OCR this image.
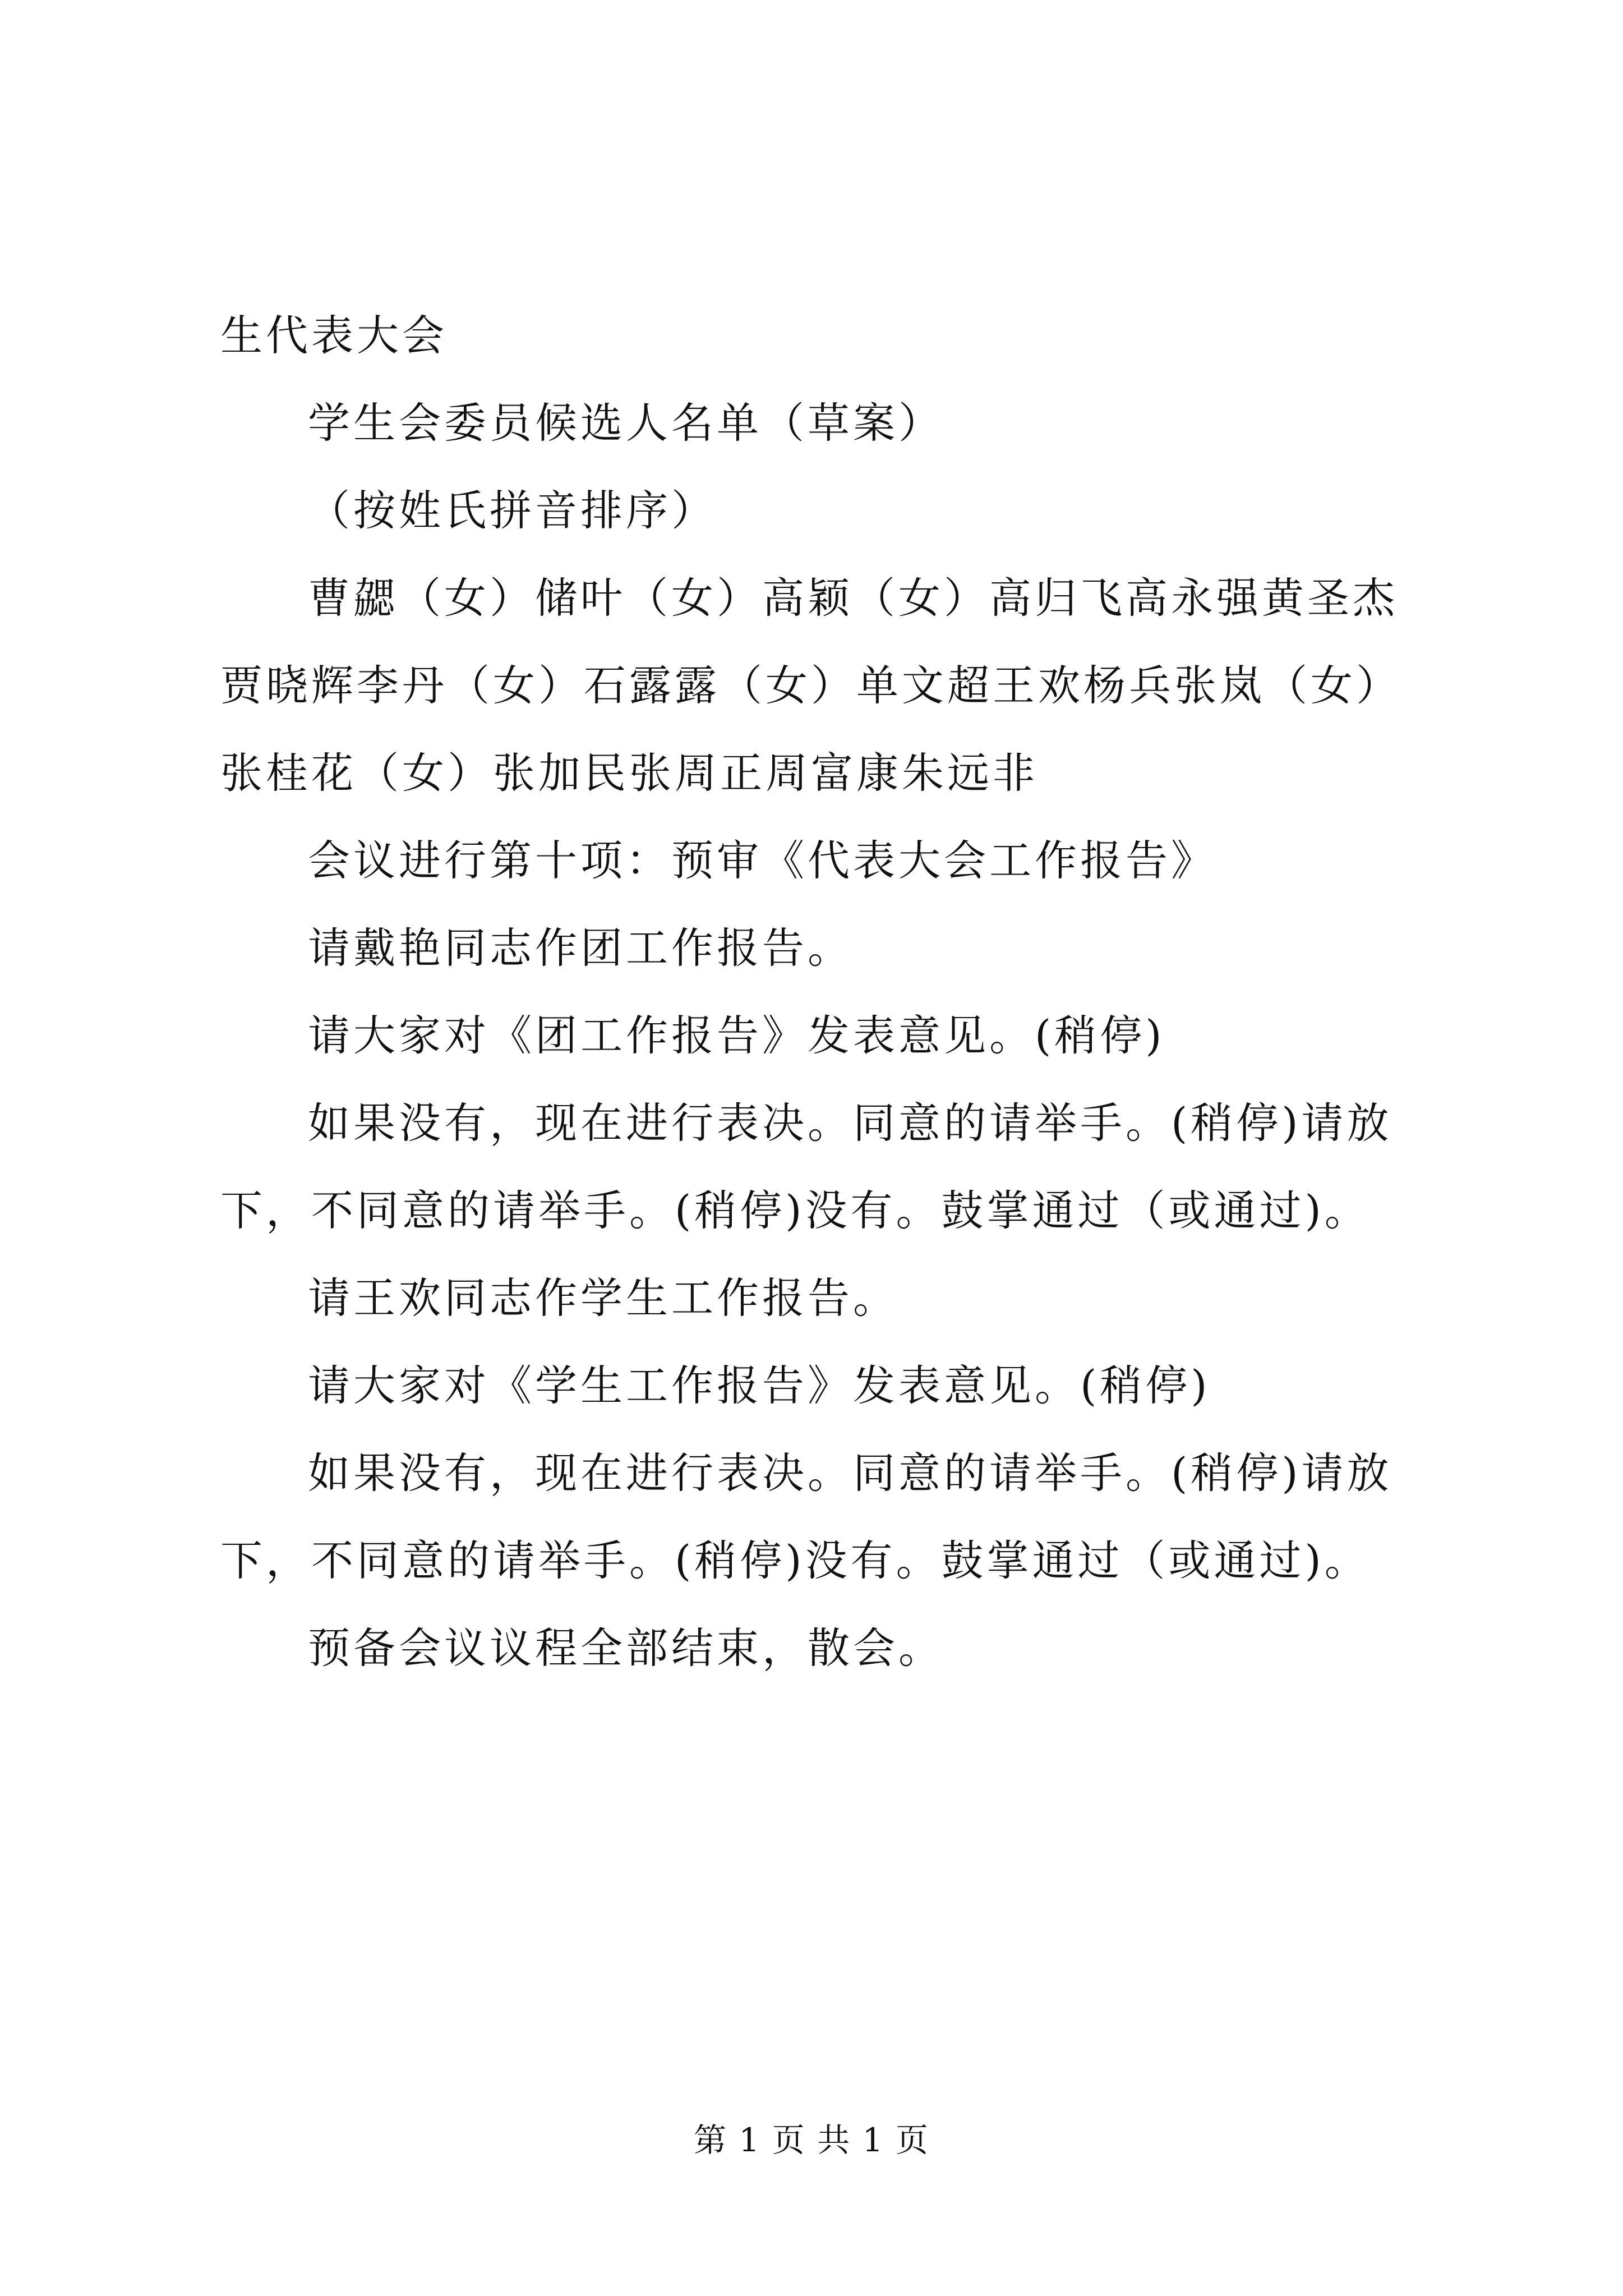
生代表大会

学生会委员候选人名单（草案）

（按姓氏拼音排序）

曹勰（女）储叶（女）高颖（女）高归飞高永强黄圣杰贾晓辉李丹（女）石露露（女）单文超王欢杨兵张岚（女）张桂花（女）张加民张周正周富康朱远非

会议进行第十项：预审《代表大会工作报告》

请戴艳同志作团工作报告。

请大家对《团工作报告》发表意见。(稍停)

如果没有，现在进行表决。同意的请举手。(稍停)请放下，不同意的请举手。(稍停)没有。鼓掌通过（或通过)。

请王欢同志作学生工作报告。

请大家对《学生工作报告》发表意见。(稍停)

如果没有，现在进行表决。同意的请举手。(稍停)请放下，不同意的请举手。(稍停)没有。鼓掌通过（或通过)。

预备会议议程全部结束，散会。

第 1 页 共 1 页
